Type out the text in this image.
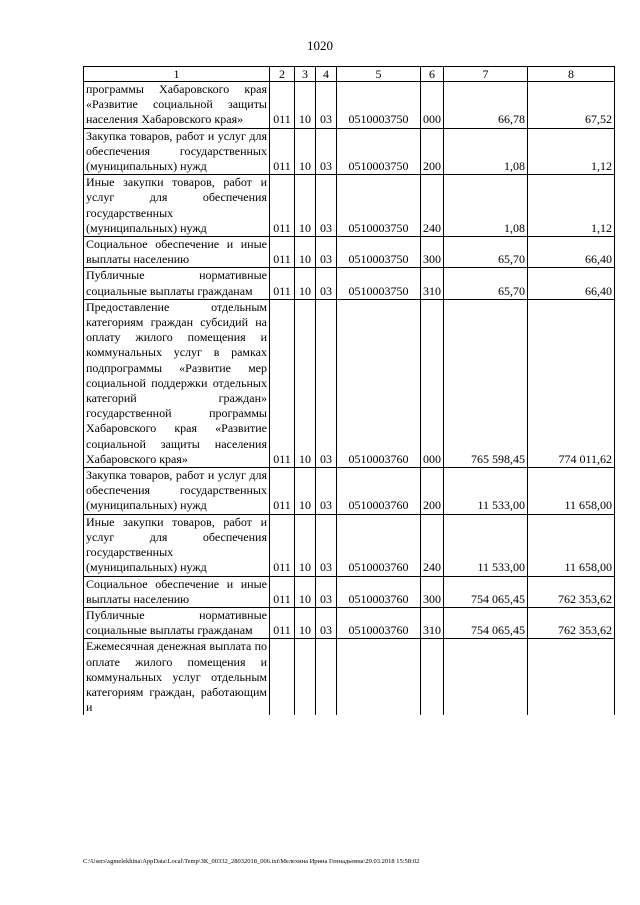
1020
1	2	3	4	5	6	7	8
программы Хабаровского края «Развитие социальной защиты населения Хабаровского края»	011	10	03	0510003750	000	66,78	67,52
Закупка товаров, работ и услуг для обеспечения государственных (муниципальных) нужд	011	10	03	0510003750	200	1,08	1,12
Иные закупки товаров, работ и услуг для обеспечения государственных (муниципальных) нужд	011	10	03	0510003750	240	1,08	1,12
Социальное обеспечение и иные выплаты населению	011	10	03	0510003750	300	65,70	66,40
Публичные нормативные социальные выплаты гражданам	011	10	03	0510003750	310	65,70	66,40
Предоставление отдельным категориям граждан субсидий на оплату жилого помещения и коммунальных услуг в рамках подпрограммы «Развитие мер социальной поддержки отдельных категорий граждан» государственной программы Хабаровского края «Развитие социальной защиты населения Хабаровского края»	011	10	03	0510003760	000	765 598,45	774 011,62
Закупка товаров, работ и услуг для обеспечения государственных (муниципальных) нужд	011	10	03	0510003760	200	11 533,00	11 658,00
Иные закупки товаров, работ и услуг для обеспечения государственных (муниципальных) нужд	011	10	03	0510003760	240	11 533,00	11 658,00
Социальное обеспечение и иные выплаты населению	011	10	03	0510003760	300	754 065,45	762 353,62
Публичные нормативные социальные выплаты гражданам	011	10	03	0510003760	310	754 065,45	762 353,62
Ежемесячная денежная выплата по оплате жилого помещения и коммунальных услуг отдельным категориям граждан, работающим и							
C:\Users\sgmelekhina\AppData\Local\Temp\ЗК_00332_28032018_006.txt\Мелехина Ирина Геннадьевна\29.03.2018 15:58:02
